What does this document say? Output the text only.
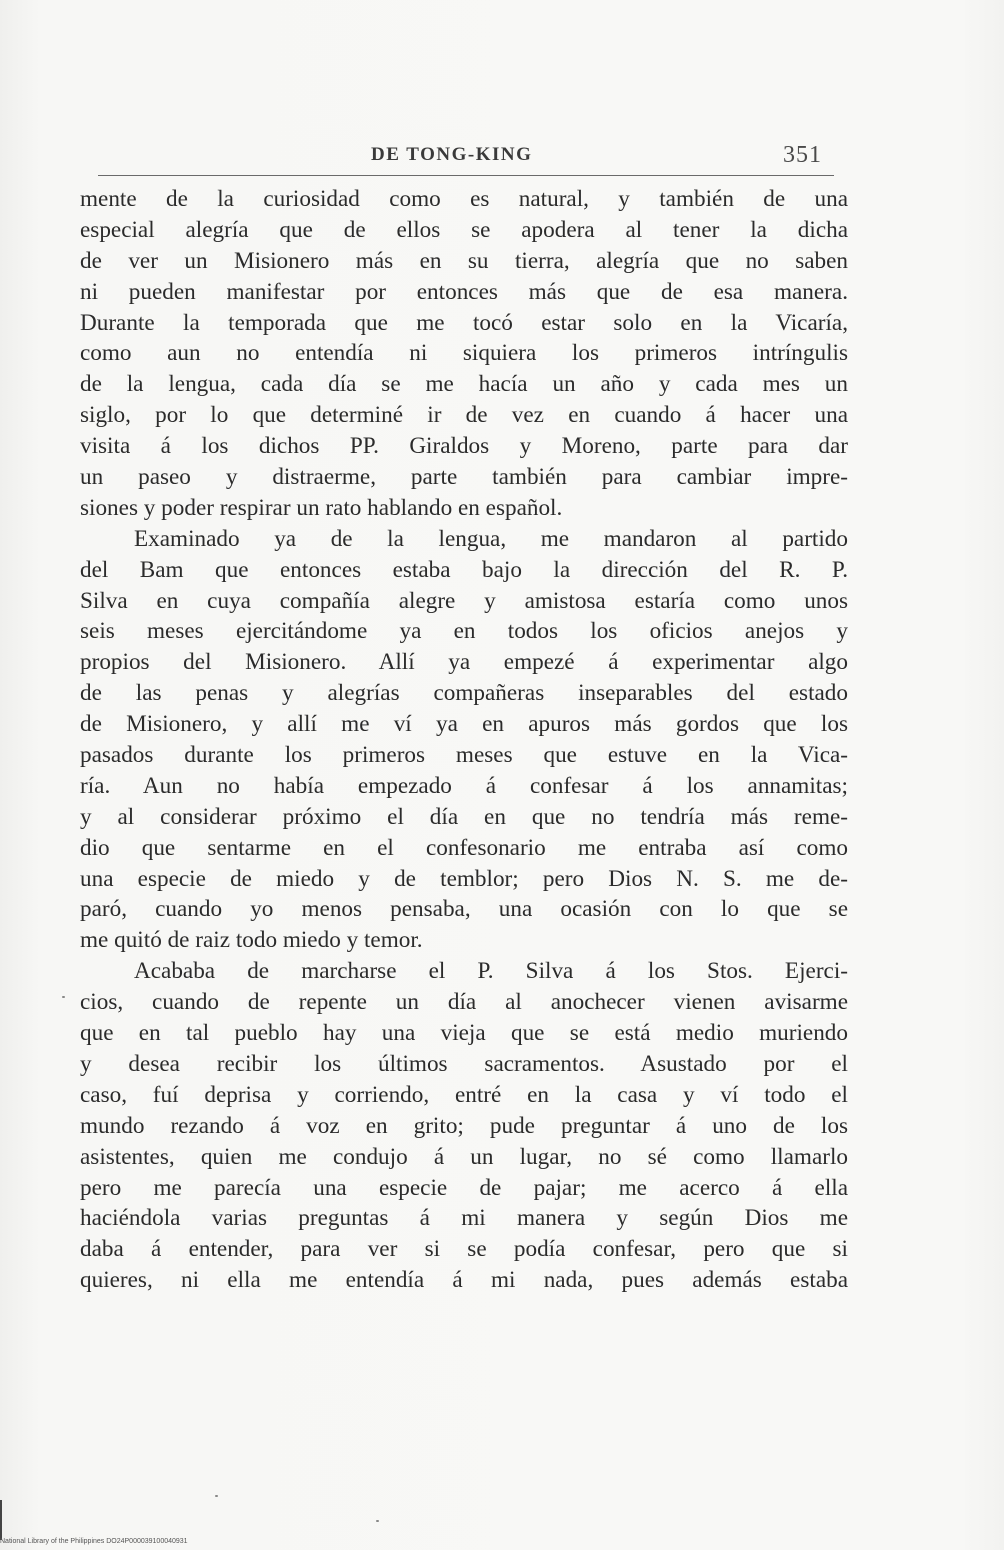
DE TONG-KING	351
mente de la curiosidad como es natural, y también de una
especial alegría que de ellos se apodera al tener la dicha
de ver un Misionero más en su tierra, alegría que no saben
ni pueden manifestar por entonces más que de esa manera.
Durante la temporada que me tocó estar solo en la Vicaría,
como aun no entendía ni siquiera los primeros intríngulis
de la lengua, cada día se me hacía un año y cada mes un
siglo, por lo que determiné ir de vez en cuando á hacer una
visita á los dichos PP. Giraldos y Moreno, parte para dar
un paseo y distraerme, parte también para cambiar impre-
siones y poder respirar un rato hablando en español.
Examinado ya de la lengua, me mandaron al partido
del Bam que entonces estaba bajo la dirección del R. P.
Silva en cuya compañía alegre y amistosa estaría como unos
seis meses ejercitándome ya en todos los oficios anejos y
propios del Misionero. Allí ya empezé á experimentar algo
de las penas y alegrías compañeras inseparables del estado
de Misionero, y allí me ví ya en apuros más gordos que los
pasados durante los primeros meses que estuve en la Vica-
ría. Aun no había empezado á confesar á los annamitas;
y al considerar próximo el día en que no tendría más reme-
dio que sentarme en el confesonario me entraba así como
una especie de miedo y de temblor; pero Dios N. S. me de-
paró, cuando yo menos pensaba, una ocasión con lo que se
me quitó de raiz todo miedo y temor.
Acababa de marcharse el P. Silva á los Stos. Ejerci-
cios, cuando de repente un día al anochecer vienen avisarme
que en tal pueblo hay una vieja que se está medio muriendo
y desea recibir los últimos sacramentos. Asustado por el
caso, fuí deprisa y corriendo, entré en la casa y ví todo el
mundo rezando á voz en grito; pude preguntar á uno de los
asistentes, quien me condujo á un lugar, no sé como llamarlo
pero me parecía una especie de pajar; me acerco á ella
haciéndola varias preguntas á mi manera y según Dios me
daba á entender, para ver si se podía confesar, pero que si
quieres, ni ella me entendía á mi nada, pues además estaba
National Library of the Philippines DO24P000039100040931
